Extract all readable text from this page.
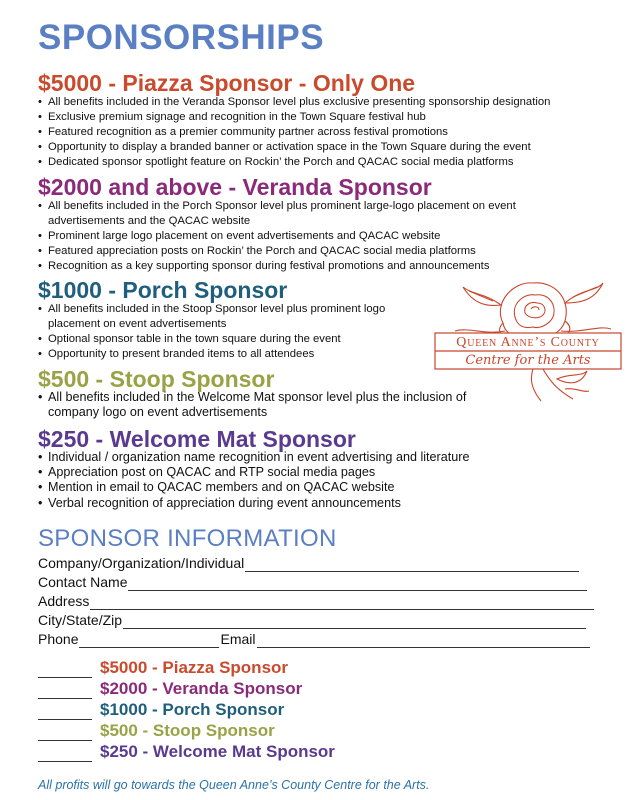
SPONSORSHIPS
$5000 - Piazza Sponsor - Only One
• All benefits included in the Veranda Sponsor level plus exclusive presenting sponsorship designation
• Exclusive premium signage and recognition in the Town Square festival hub
• Featured recognition as a premier community partner across festival promotions
• Opportunity to display a branded banner or activation space in the Town Square during the event
• Dedicated sponsor spotlight feature on Rockin’ the Porch and QACAC social media platforms
$2000 and above - Veranda Sponsor
• All benefits included in the Porch Sponsor level plus prominent large-logo placement on event advertisements and the QACAC website
• Prominent large logo placement on event advertisements and QACAC website
• Featured appreciation posts on Rockin’ the Porch and QACAC social media platforms
• Recognition as a key supporting sponsor during festival promotions and announcements
$1000 - Porch Sponsor
• All benefits included in the Stoop Sponsor level plus prominent logo placement on event advertisements
• Optional sponsor table in the town square during the event
• Opportunity to present branded items to all attendees
$500 - Stoop Sponsor
• All benefits included in the Welcome Mat sponsor level plus the inclusion of company logo on event advertisements
$250 - Welcome Mat Sponsor
• Individual / organization name recognition in event advertising and literature
• Appreciation post on QACAC and RTP social media pages
• Mention in email to QACAC members and on QACAC website
• Verbal recognition of appreciation during event announcements
Queen Anne’s County
Centre for the Arts
SPONSOR INFORMATION
Company/Organization/Individual
Contact Name
Address
City/State/Zip
Phone	Email
$5000 - Piazza Sponsor
$2000 - Veranda Sponsor
$1000 - Porch Sponsor
$500 - Stoop Sponsor
$250 - Welcome Mat Sponsor

All profits will go towards the Queen Anne’s County Centre for the Arts.
